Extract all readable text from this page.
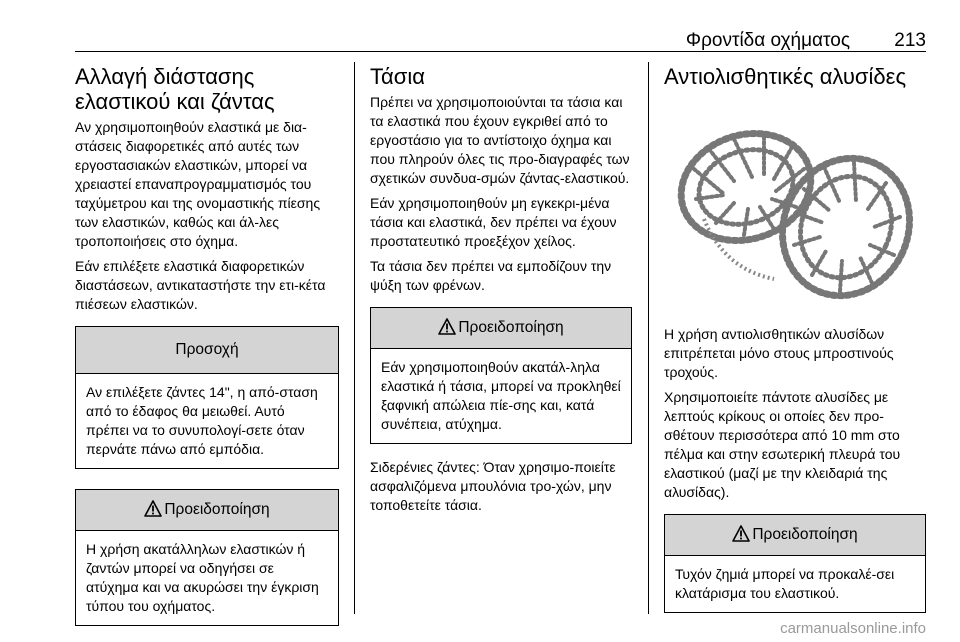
Φροντίδα οχήματος 213
Αλλαγή διάστασης
ελαστικού και ζάντας

Αν χρησιμοποιηθούν ελαστικά με δια-στάσεις διαφορετικές από αυτές των εργοστασιακών ελαστικών, μπορεί να χρειαστεί επαναπρογραμματισμός του ταχύμετρου και της ονομαστικής πίεσης των ελαστικών, καθώς και άλ-λες τροποποιήσεις στο όχημα.

Εάν επιλέξετε ελαστικά διαφορετικών διαστάσεων, αντικαταστήστε την ετι-κέτα πιέσεων ελαστικών.

Προσοχή
Αν επιλέξετε ζάντες 14", η από-σταση από το έδαφος θα μειωθεί. Αυτό πρέπει να το συνυπολογί-σετε όταν περνάτε πάνω από εμπόδια.
Προειδοποίηση
Η χρήση ακατάλληλων ελαστικών ή ζαντών μπορεί να οδηγήσει σε ατύχημα και να ακυρώσει την έγκριση τύπου του οχήματος.
Τάσια

Πρέπει να χρησιμοποιούνται τα τάσια και τα ελαστικά που έχουν εγκριθεί από το εργοστάσιο για το αντίστοιχο όχημα και που πληρούν όλες τις προ-διαγραφές των σχετικών συνδυα-σμών ζάντας-ελαστικού.

Εάν χρησιμοποιηθούν μη εγκεκρι-μένα τάσια και ελαστικά, δεν πρέπει να έχουν προστατευτικό προεξέχον χείλος.

Τα τάσια δεν πρέπει να εμποδίζουν την ψύξη των φρένων.

Προειδοποίηση
Εάν χρησιμοποιηθούν ακατάλ-ληλα ελαστικά ή τάσια, μπορεί να προκληθεί ξαφνική απώλεια πίε-σης και, κατά συνέπεια, ατύχημα.

Σιδερένιες ζάντες: Όταν χρησιμο-ποιείτε ασφαλιζόμενα μπουλόνια τρο-χών, μην τοποθετείτε τάσια.

Αντιολισθητικές αλυσίδες

Η χρήση αντιολισθητικών αλυσίδων επιτρέπεται μόνο στους μπροστινούς τροχούς.

Χρησιμοποιείτε πάντοτε αλυσίδες με λεπτούς κρίκους οι οποίες δεν προ-σθέτουν περισσότερα από 10 mm στο πέλμα και στην εσωτερική πλευρά του ελαστικού (μαζί με την κλειδαριά της αλυσίδας).

Προειδοποίηση
Τυχόν ζημιά μπορεί να προκαλέ-σει κλατάρισμα του ελαστικού.
carmanualsonline.info
